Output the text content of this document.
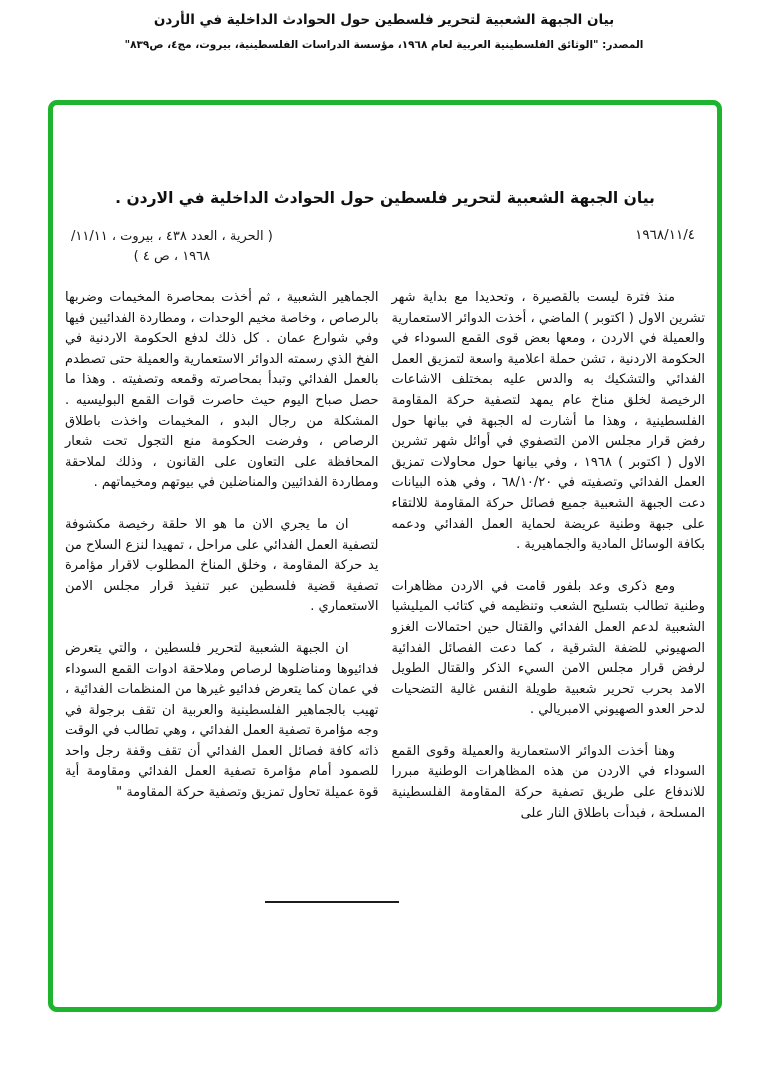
بيان الجبهة الشعبية لتحرير فلسطين حول الحوادث الداخلية في الأردن
المصدر: "الوثائق الفلسطينية العربية لعام ١٩٦٨، مؤسسة الدراسات الفلسطينية، بيروت، مج٤، ص٨٣٩"
بيان الجبهة الشعبية لتحرير فلسطين حول الحوادث الداخلية في الاردن .
١٩٦٨/١١/٤
( الحرية ، العدد ٤٣٨ ، بيروت ، ١١/١١/
١٩٦٨ ، ص ٤ )

منذ فترة ليست بالقصيرة ، وتحديدا مع بداية شهر تشرين الاول ( اكتوبر ) الماضي ، أخذت الدوائر الاستعمارية والعميلة في الاردن ، ومعها بعض قوى القمع السوداء في الحكومة الاردنية ، تشن حملة اعلامية واسعة لتمزيق العمل الفدائي والتشكيك به والدس عليه بمختلف الاشاعات الرخيصة لخلق مناخ عام يمهد لتصفية حركة المقاومة الفلسطينية ، وهذا ما أشارت له الجبهة في بيانها حول رفض قرار مجلس الامن التصفوي في أوائل شهر تشرين الاول ( اكتوبر ) ١٩٦٨ ، وفي بيانها حول محاولات تمزيق العمل الفدائي وتصفيته في ٦٨/١٠/٢٠ ، وفي هذه البيانات دعت الجبهة الشعبية جميع فصائل حركة المقاومة للالتقاء على جبهة وطنية عريضة لحماية العمل الفدائي ودعمه بكافة الوسائل المادية والجماهيرية .

ومع ذكرى وعد بلفور قامت في الاردن مظاهرات وطنية تطالب بتسليح الشعب وتنظيمه في كتائب الميليشيا الشعبية لدعم العمل الفدائي والقتال حين احتمالات الغزو الصهيوني للضفة الشرقية ، كما دعت الفصائل الفدائية لرفض قرار مجلس الامن السيء الذكر والقتال الطويل الامد بحرب تحرير شعبية طويلة النفس غالية التضحيات لدحر العدو الصهيوني الامبريالي .

وهنا أخذت الدوائر الاستعمارية والعميلة وقوى القمع السوداء في الاردن من هذه المظاهرات الوطنية مبررا للاندفاع على طريق تصفية حركة المقاومة الفلسطينية المسلحة ، فبدأت باطلاق النار على

الجماهير الشعبية ، ثم أخذت بمحاصرة المخيمات وضربها بالرصاص ، وخاصة مخيم الوحدات ، ومطاردة الفدائيين فيها وفي شوارع عمان . كل ذلك لدفع الحكومة الاردنية في الفخ الذي رسمته الدوائر الاستعمارية والعميلة حتى تصطدم بالعمل الفدائي وتبدأ بمحاصرته وقمعه وتصفيته . وهذا ما حصل صباح اليوم حيث حاصرت قوات القمع البوليسيه . المشكلة من رجال البدو ، المخيمات واخذت باطلاق الرصاص ، وفرضت الحكومة منع التجول تحت شعار المحافظة على التعاون على القانون ، وذلك لملاحقة ومطاردة الفدائيين والمناضلين في بيوتهم ومخيماتهم .

ان ما يجري الان ما هو الا حلقة رخيصة مكشوفة لتصفية العمل الفدائي على مراحل ، تمهيدا لنزع السلاح من يد حركة المقاومة ، وخلق المناخ المطلوب لاقرار مؤامرة تصفية قضية فلسطين عبر تنفيذ قرار مجلس الامن الاستعماري .

ان الجبهة الشعبية لتحرير فلسطين ، والتي يتعرض فدائيوها ومناضلوها لرصاص وملاحقة ادوات القمع السوداء في عمان كما يتعرض فدائيو غيرها من المنظمات الفدائية ، تهيب بالجماهير الفلسطينية والعربية ان تقف برجولة في وجه مؤامرة تصفية العمل الفدائي ، وهي تطالب في الوقت ذاته كافة فصائل العمل الفدائي أن تقف وقفة رجل واحد للصمود أمام مؤامرة تصفية العمل الفدائي ومقاومة أية قوة عميلة تحاول تمزيق وتصفية حركة المقاومة "
